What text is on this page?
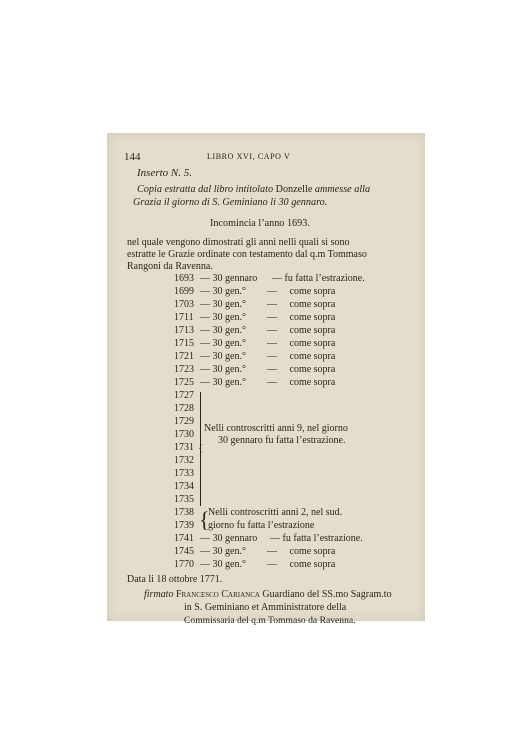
144	LIBRO XVI, CAPO V
Inserto N. 5.
Copia estratta dal libro intitolato Donzelle ammesse alla
Grazia il giorno di S. Geminiano li 30 gennaro.
Incomincia l’anno 1693.
nel quale vengono dimostrati gli anni nelli quali si sono
estratte le Grazie ordinate con testamento dal q.m Tommaso
Rangoni da Ravenna.
1693 — 30 gennaro — fu fatta l’estrazione.
1699 — 30 gen.° —     come sopra
1703 — 30 gen.° —     come sopra
1711 — 30 gen.° —     come sopra
1713 — 30 gen.° —     come sopra
1715 — 30 gen.° —     come sopra
1721 — 30 gen.° —     come sopra
1723 — 30 gen.° —     come sopra
1725 — 30 gen.° —     come sopra
1727
1728
1729
1730
1731
1732
1733
1734
1735
{
Nelli controscritti anni 9, nel giorno
30 gennaro fu fatta l’estrazione.
1738
1739 {
Nelli controscritti anni 2, nel sud.
giorno fu fatta l’estrazione
1741 — 30 gennaro — fu fatta l’estrazione.
1745 — 30 gen.° —     come sopra
1770 — 30 gen.° —     come sopra
Data li 18 ottobre 1771.
firmato Francesco Carianca Guardiano del SS.mo Sagram.to
in S. Geminiano et Amministratore della
Commissaria del q.m Tommaso da Ravenna.
